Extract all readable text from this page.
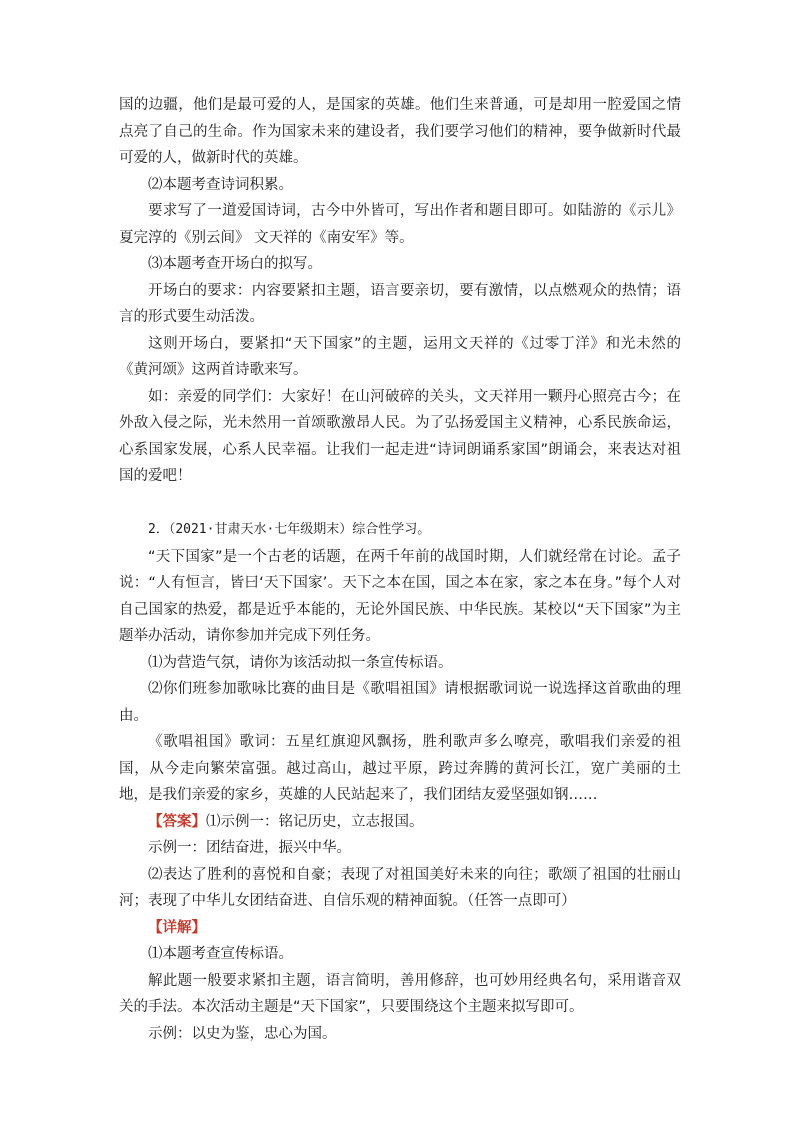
国的边疆，他们是最可爱的人，是国家的英雄。他们生来普通，可是却用一腔爱国之情点亮了自己的生命。作为国家未来的建设者，我们要学习他们的精神，要争做新时代最可爱的人，做新时代的英雄。

⑵本题考查诗词积累。

要求写了一道爱国诗词，古今中外皆可，写出作者和题目即可。如陆游的《示儿》 夏完淳的《别云间》 文天祥的《南安军》等。

⑶本题考查开场白的拟写。

开场白的要求：内容要紧扣主题，语言要亲切，要有激情，以点燃观众的热情；语言的形式要生动活泼。

这则开场白，要紧扣“天下国家”的主题，运用文天祥的《过零丁洋》和光未然的《黄河颂》这两首诗歌来写。

如：亲爱的同学们：大家好！在山河破碎的关头，文天祥用一颗丹心照亮古今；在外敌入侵之际，光未然用一首颂歌激昂人民。为了弘扬爱国主义精神，心系民族命运，心系国家发展，心系人民幸福。让我们一起走进“诗词朗诵系家国”朗诵会，来表达对祖国的爱吧！

2．（2021·甘肃天水·七年级期末）综合性学习。

“天下国家”是一个古老的话题，在两千年前的战国时期，人们就经常在讨论。孟子说：“人有恒言，皆曰‘天下国家’。天下之本在国，国之本在家，家之本在身。”每个人对自己国家的热爱，都是近乎本能的，无论外国民族、中华民族。某校以“天下国家”为主题举办活动，请你参加并完成下列任务。

⑴为营造气氛，请你为该活动拟一条宣传标语。

⑵你们班参加歌咏比赛的曲目是《歌唱祖国》请根据歌词说一说选择这首歌曲的理由。

《歌唱祖国》歌词：五星红旗迎风飘扬，胜利歌声多么嘹亮，歌唱我们亲爱的祖国，从今走向繁荣富强。越过高山，越过平原，跨过奔腾的黄河长江，宽广美丽的土地，是我们亲爱的家乡，英雄的人民站起来了，我们团结友爱坚强如钢……

【答案】⑴示例一：铭记历史，立志报国。

示例一：团结奋进，振兴中华。

⑵表达了胜利的喜悦和自豪；表现了对祖国美好未来的向往；歌颂了祖国的壮丽山河；表现了中华儿女团结奋进、自信乐观的精神面貌。（任答一点即可）

【详解】

⑴本题考查宣传标语。

解此题一般要求紧扣主题，语言简明，善用修辞，也可妙用经典名句，采用谐音双关的手法。本次活动主题是“天下国家”，只要围绕这个主题来拟写即可。

示例：以史为鉴，忠心为国。
